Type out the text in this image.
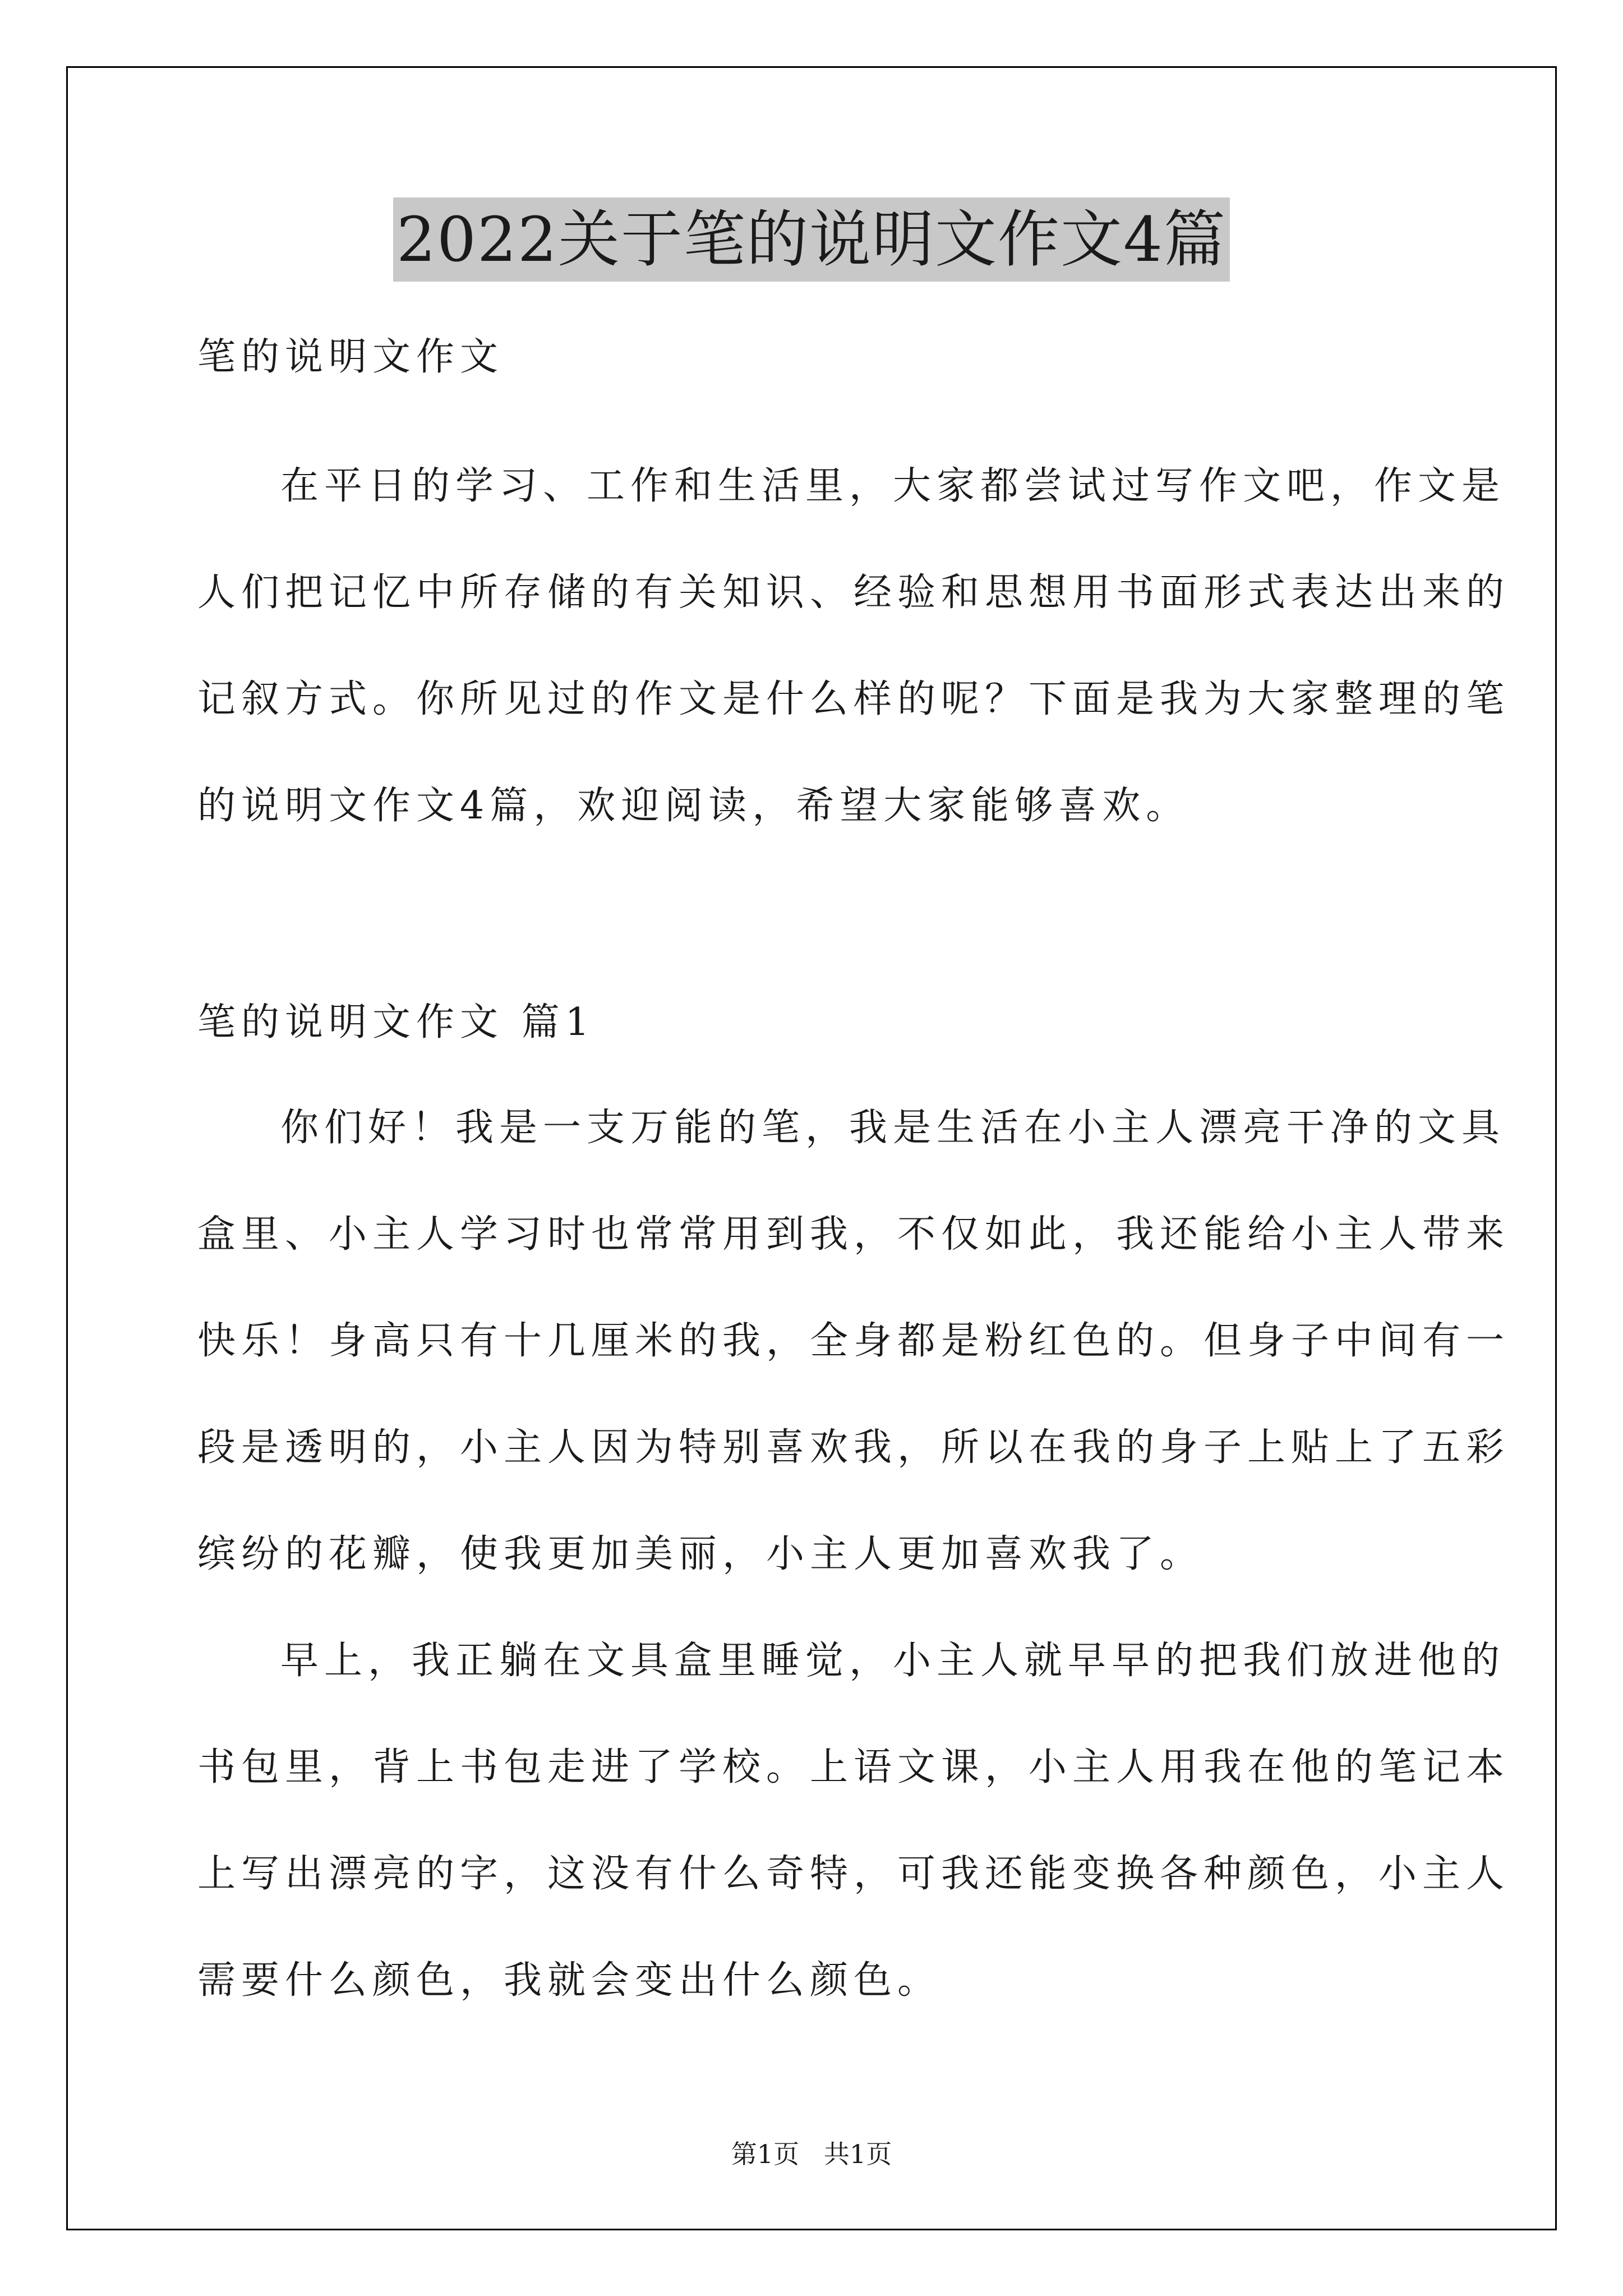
2022关于笔的说明文作文4篇
笔的说明文作文
在平日的学习、工作和生活里，大家都尝试过写作文吧，作文是
人们把记忆中所存储的有关知识、经验和思想用书面形式表达出来的
记叙方式。你所见过的作文是什么样的呢？下面是我为大家整理的笔
的说明文作文4篇，欢迎阅读，希望大家能够喜欢。
笔的说明文作文 篇1
你们好！我是一支万能的笔，我是生活在小主人漂亮干净的文具
盒里、小主人学习时也常常用到我，不仅如此，我还能给小主人带来
快乐！身高只有十几厘米的我，全身都是粉红色的。但身子中间有一
段是透明的，小主人因为特别喜欢我，所以在我的身子上贴上了五彩
缤纷的花瓣，使我更加美丽，小主人更加喜欢我了。
早上，我正躺在文具盒里睡觉，小主人就早早的把我们放进他的
书包里，背上书包走进了学校。上语文课，小主人用我在他的笔记本
上写出漂亮的字，这没有什么奇特，可我还能变换各种颜色，小主人
需要什么颜色，我就会变出什么颜色。
第1页   共1页
